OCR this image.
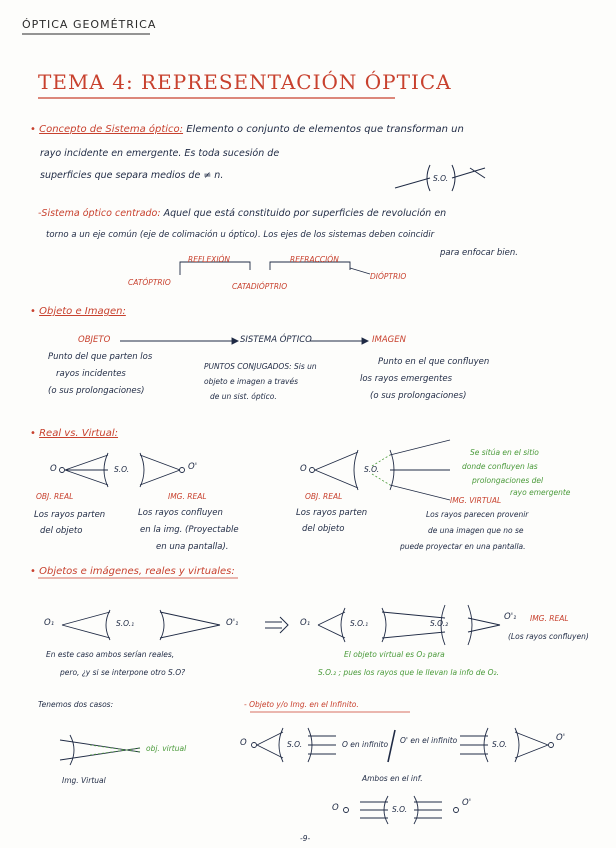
ÓPTICA GEOMÉTRICA
TEMA 4: REPRESENTACIÓN ÓPTICA
• Concepto de Sistema óptico: Elemento o conjunto de elementos que transforman un
rayo incidente en emergente. Es toda sucesión de
superficies que separa medios de ≠ n.	S.O.
-Sistema óptico centrado: Aquel que está constituido por superficies de revolución en
torno a un eje común (eje de colimación u óptico). Los ejes de los sistemas deben coincidir
para enfocar bien.
REFLEXIÓN	REFRACCIÓN
CATÓPTRIO	CATADIÓPTRIO
DIÓPTRIO
• Objeto e Imagen:
OBJETO	SISTEMA ÓPTICO	IMAGEN
Punto del que parten los
rayos incidentes
(o sus prolongaciones)
PUNTOS CONJUGADOS: Sis un
objeto e imagen a través
de un sist. óptico.
Punto en el que confluyen
los rayos emergentes
(o sus prolongaciones)
• Real vs. Virtual:
O	S.O.	O'
OBJ. REAL	IMG. REAL
Los rayos parten
del objeto
Los rayos confluyen
en la img. (Proyectable
en una pantalla).
O	S.O.
OBJ. REAL	IMG. VIRTUAL
Los rayos parten
del objeto
Los rayos parecen provenir
de una imagen que no se
puede proyectar en una pantalla.
Se sitúa en el sitio
donde confluyen las
prolongaciones del
rayo emergente
• Objetos e imágenes, reales y virtuales:
O₁	S.O.₁	O'₁	O₁	S.O.₁	S.O.₂
O'₁ IMG. REAL
(Los rayos confluyen)
En este caso ambos serían reales,
pero, ¿y si se interpone otro S.O?
El objeto virtual es O₂ para
S.O.₂ ; pues los rayos que le llevan la info de O₂.
Tenemos dos casos:
obj. virtual
Img. Virtual
- Objeto y/o Img. en el Infinito.
S.O.	O en infinito O' en el infinito	S.O.
O'
O
Ambos en el inf.
S.O.
O	O'
-9-
